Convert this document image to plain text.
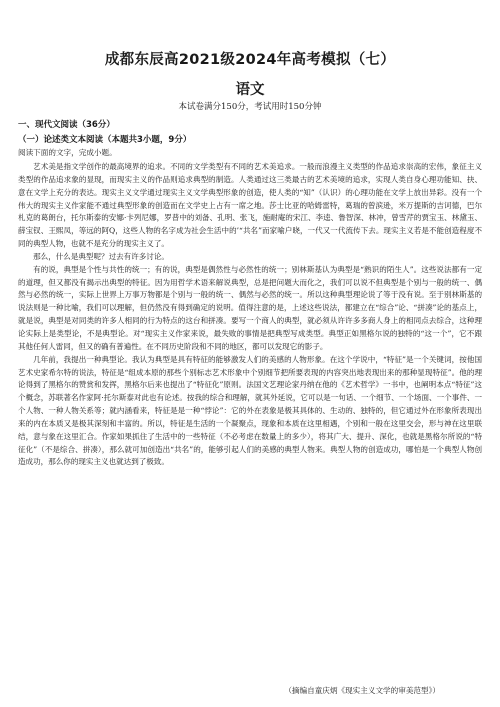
成都东辰高2021级2024年高考模拟（七）
语文
本试卷满分150分，考试用时150分钟
一、现代文阅读（36分）
（一）论述类文本阅读（本题共3小题，9分）
阅读下面的文字，完成小题。

艺术美是指文学创作的最高境界的追求。不同的文学类型有不同的艺术美追求。一般而浪漫主义类型的作品追求崇高的宏伟，象征主义类型的作品追求象的显现，而现实主义的作品则追求典型的制造。人类通过这三类最古的艺术美境的追求，实现人类自身心理功能知、抉、意在文学上充分的表达。现实主义文学通过现实主义文学典型形象的创造，使人类的“知”（认识）的心理功能在文学上放出异彩。没有一个伟大的现实主义作家能不通过典型形象的创造而在文学史上占有一席之地。莎士比亚的哈姆雷特，葛瑞的曾滨逊，米万提斯的吉诃德，巴尔札克的葛朗台，托尔斯泰的安娜·卡列尼娜，罗普中的刘备、孔明、张飞，施耐庵的宋江、李逵、鲁智深、林冲，曾雪芹的贾宝玉、林黛玉、薛宝钗、王熙凤，等远的阿Q，这些人物的名字成为社会生活中的’“共名”而家喻户晓，一代又一代流传下去。现实主义若是不能创造程度不同的典型人物，也就不是充分的现实主义了。

那么，什么是典型呢？过去有许多讨论。

有的说，典型是个性与共性的统一；有的说，典型是偶然性与必然性的统一；别林斯基认为典型是“熟识的陌生人”。这些说法都有一定的道理，但又都没有揭示出典型的特征。因为用哲学术语来解说典型，总是把问题大而化之，我们可以说不但典型是个别与一般的统一、偶然与必然的统一，实际上世界上万事万物都是个别与一般的统一、偶然与必然的统一。所以这种典型理论说了等于没有说。至于别林斯基的说法则是一种比喻，我们可以理解，但仍然没有得到确定的说明。值得注意的是，上述这些说法，都建立在“综合”论、“拼凑”论的基点上，就是说，典型是对同类的许多人相同的行为特点的这台和拼凑。要写一个商人的典型，就必须从许许多多商人身上的相同点去综合，这种理论实际上是类型论，不是典型论。对“现实主义作家来说，最失败的事情是把典型写成类型。典型正如黑格尔说的独特的“这一个”，它不跟其他任何人雷同，但又的确有普遍性。在不同历史阶段和不同的地区，都可以发现它的影子。

几年前，我提出一种典型论。我认为典型是具有特征的能够激发人们的美感的人物形象。在这个学说中，“特征”是一个关键词，按他国艺术史家希尔特的说法，特征是“组成本原的那些个别标志艺术形象中个别细节把所要表现的内容突出地表现出来的那种显现特征”。他的理论得到了黑格尔的赞赏和发挥，黑格尔后来也提出了“特征化”原则。法国文艺理论家丹纳在他的《艺术哲学》一书中，也阐明本点“特征”这个概念，苏联著名作家阿·托尔斯泰对此也有论述。按我的综合和理解，就其外延说，它可以是一句话、一个细节、一个场面、一个事件、一个人物、一种人物关系等；就内涵看来，特征是是一种“悖论”：它的外在表象是极其具体的、生动的、独特的，但它通过外在形象所表现出来的内在本质又是极其深刻和丰富的。所以，特征是生活的一个凝聚点，现象和本质在这里相遇，个别和一般在这里交会，形与神在这里联结，意与象在这里汇合。作家如果抓住了生活中的一些特征（不必考虑在数量上的多少），将其广大、提升、深化，也就是黑格尔所说的“特征化”（不是综合、拼凑），那么就可加创造出“共名”的，能够引起人们的美感的典型人物来。典型人物的创造成功，哪怕是一个典型人物创造成功，那么你的现实主义也就达到了极致。

（摘编自童庆炳《现实主义文学的审美范型》）
